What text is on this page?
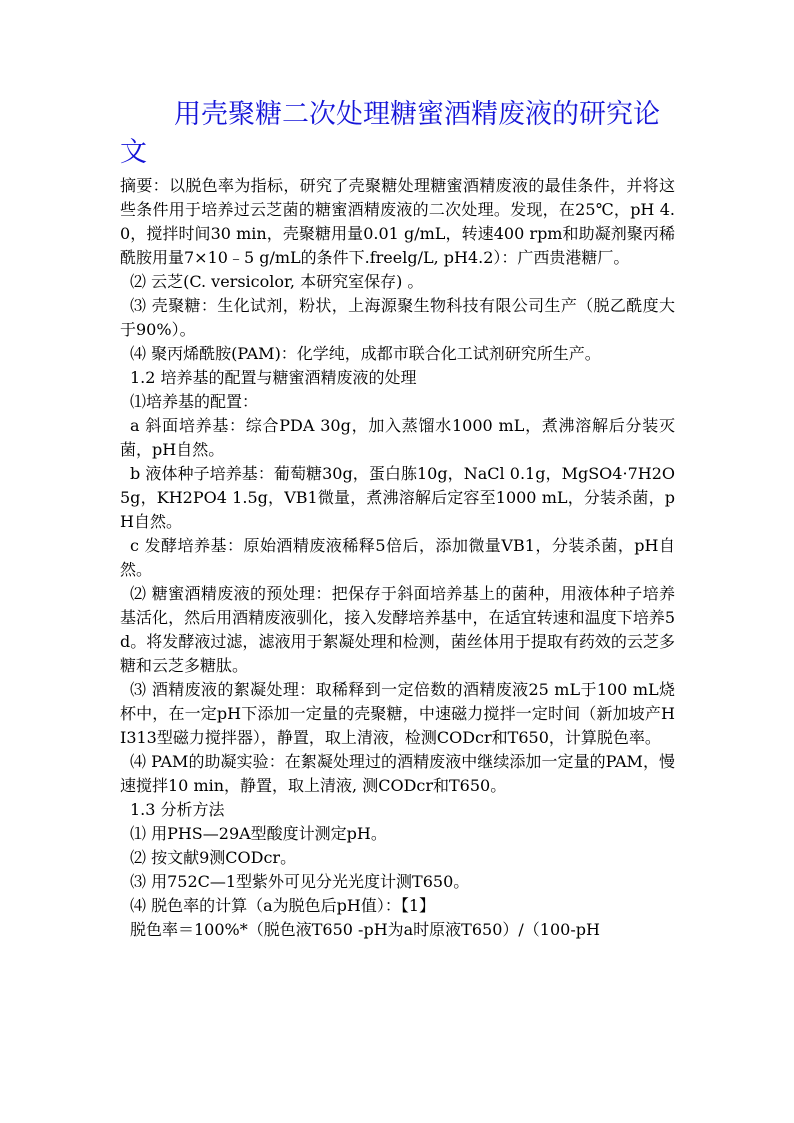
用壳聚糖二次处理糖蜜酒精废液的研究论文

摘要：以脱色率为指标，研究了壳聚糖处理糖蜜酒精废液的最佳条件，并将这些条件用于培养过云芝菌的糖蜜酒精废液的二次处理。发现，在25℃，pH 4.0，搅拌时间30 min，壳聚糖用量0.01 g/mL，转速400 rpm和助凝剂聚丙稀酰胺用量7×10﹣5 g/mL的条件下.freelg/L, pH4.2）：广西贵港糖厂。

⑵ 云芝(C. versicolor, 本研究室保存) 。

⑶ 壳聚糖：生化试剂，粉状，上海源聚生物科技有限公司生产（脱乙酰度大于90%）。

⑷ 聚丙烯酰胺(PAM)：化学纯，成都市联合化工试剂研究所生产。

1.2 培养基的配置与糖蜜酒精废液的处理

⑴培养基的配置：

a 斜面培养基：综合PDA 30g，加入蒸馏水1000 mL，煮沸溶解后分装灭菌，pH自然。

b 液体种子培养基：葡萄糖30g，蛋白胨10g，NaCl 0.1g，MgSO4·7H2O 5g，KH2PO4 1.5g，VB1微量，煮沸溶解后定容至1000 mL，分装杀菌，pH自然。

c 发酵培养基：原始酒精废液稀释5倍后，添加微量VB1，分装杀菌，pH自然。

⑵ 糖蜜酒精废液的预处理：把保存于斜面培养基上的菌种，用液体种子培养基活化，然后用酒精废液驯化，接入发酵培养基中，在适宜转速和温度下培养5d。将发酵液过滤，滤液用于絮凝处理和检测，菌丝体用于提取有药效的云芝多糖和云芝多糖肽。

⑶ 酒精废液的絮凝处理：取稀释到一定倍数的酒精废液25 mL于100 mL烧杯中，在一定pH下添加一定量的壳聚糖，中速磁力搅拌一定时间（新加坡产HI313型磁力搅拌器），静置，取上清液，检测CODcr和T650，计算脱色率。

⑷ PAM的助凝实验：在絮凝处理过的酒精废液中继续添加一定量的PAM，慢速搅拌10 min，静置，取上清液, 测CODcr和T650。

1.3 分析方法

⑴ 用PHS—29A型酸度计测定pH。

⑵ 按文献9测CODcr。

⑶ 用752C—1型紫外可见分光光度计测T650。

⑷ 脱色率的计算（a为脱色后pH值）：【1】

脱色率＝100%*（脱色液T650 -pH为a时原液T650）/（100-pH
